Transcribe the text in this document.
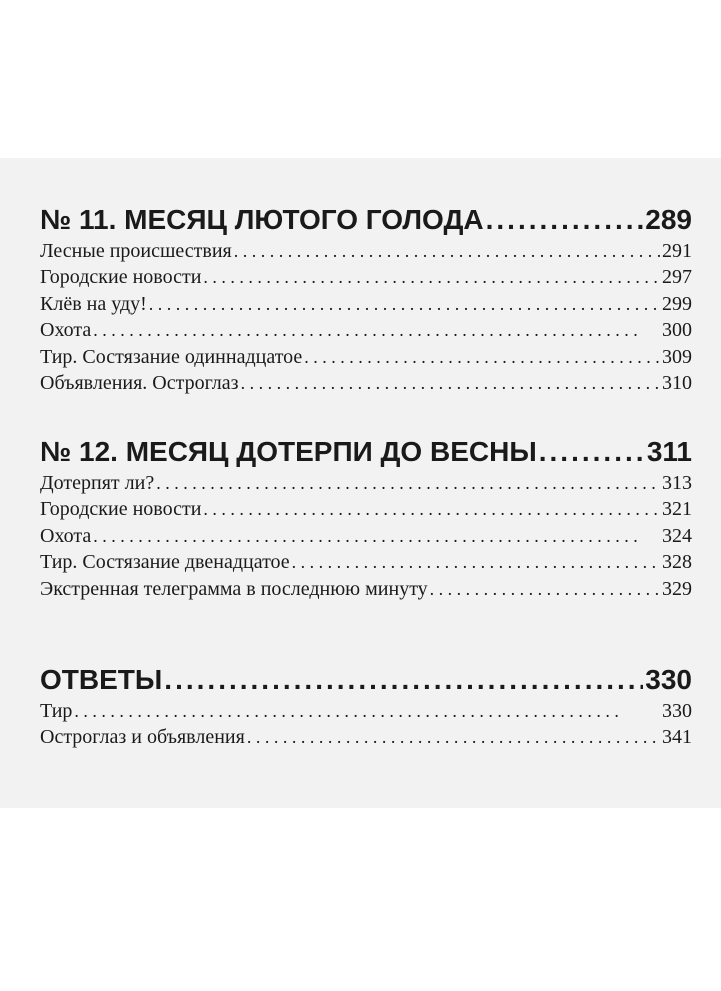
№ 11. МЕСЯЦ ЛЮТОГО ГОЛОДА .....	289
Лесные происшествия . .	291
Городские новости . .	297
Клёв на уду! . .	299
Охота . .	300
Тир. Состязание одиннадцатое . .	309
Объявления. Остроглаз . .	310
№ 12. МЕСЯЦ ДОТЕРПИ ДО ВЕСНЫ .....	311
Дотерпят ли? . .	313
Городские новости . .	321
Охота . .	324
Тир. Состязание двенадцатое . .	328
Экстренная телеграмма в последнюю минуту . .	329
ОТВЕТЫ .....	330
Тир . .	330
Остроглаз и объявления . .	341
